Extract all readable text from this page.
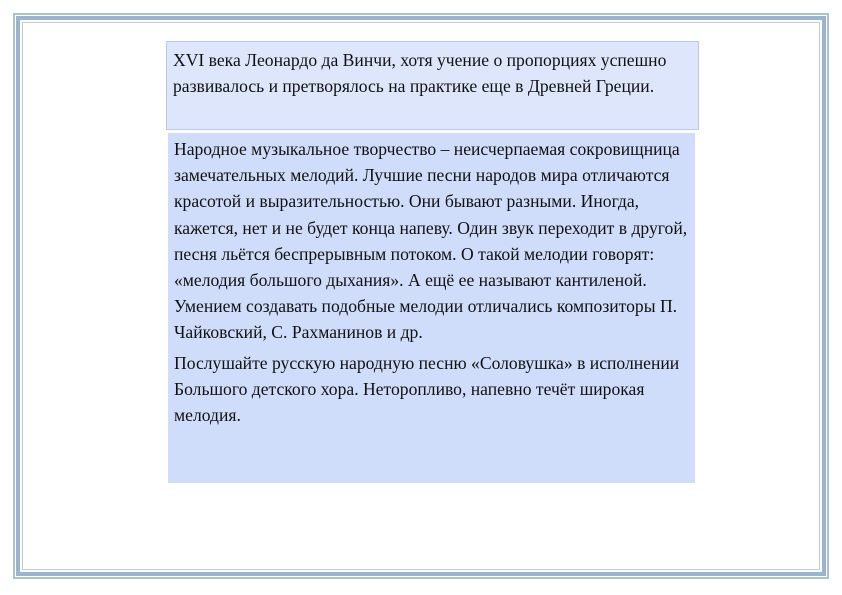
XVI века Леонардо да Винчи, хотя учение о пропорциях успешно развивалось и претворялось на практике еще в Древней Греции.

Народное музыкальное творчество – неисчерпаемая сокровищница замечательных мелодий. Лучшие песни народов мира отличаются красотой и выразительностью. Они бывают разными. Иногда, кажется, нет и не будет конца напеву. Один звук переходит в другой, песня льётся беспрерывным потоком. О такой мелодии говорят: «мелодия большого дыхания». А ещё ее называют кантиленой. Умением создавать подобные мелодии отличались композиторы П. Чайковский, С. Рахманинов и др.

Послушайте русскую народную песню «Соловушка» в исполнении Большого детского хора. Неторопливо, напевно течёт широкая мелодия.
